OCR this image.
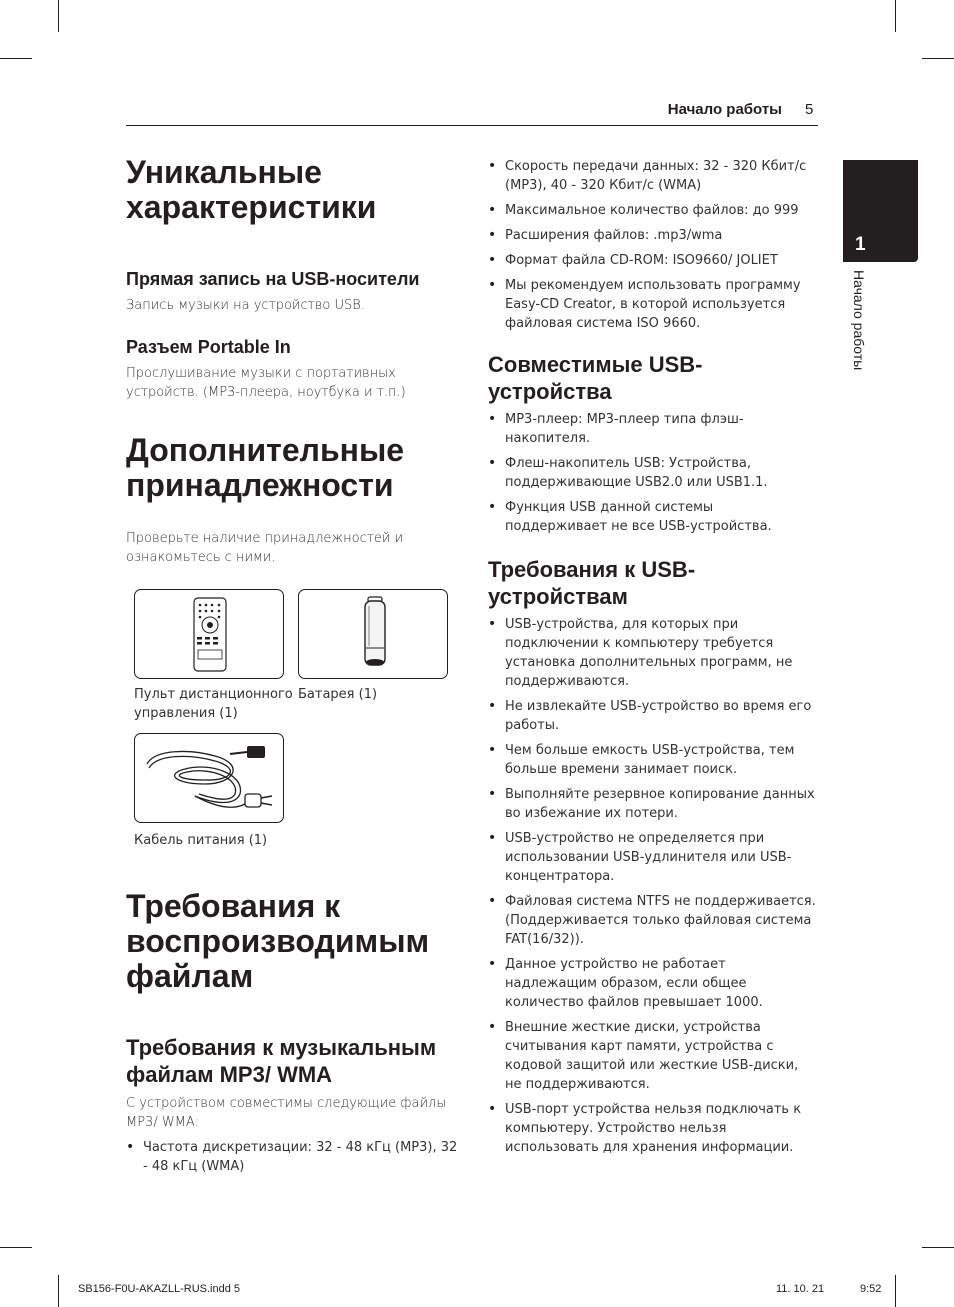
Начало работы 5
1
Начало работы
Уникальные характеристики
Прямая запись на USB-носители

Запись музыки на устройство USB.

Разъем Portable In

Прослушивание музыки с портативных устройств. (MP3-плеера, ноутбука и т.п.)

Дополнительные принадлежности

Проверьте наличие принадлежностей и ознакомьтесь с ними.

Пульт дистанционного управления (1)
Батарея (1)
Кабель питания (1)
Требования к воспроизводимым файлам
Требования к музыкальным файлам MP3/ WMA

С устройством совместимы следующие файлы MP3/ WMA:

• Частота дискретизации: 32 - 48 кГц (MP3), 32 - 48 кГц (WMA)
• Скорость передачи данных: 32 - 320 Кбит/с (MP3), 40 - 320 Кбит/с (WMA)
• Максимальное количество файлов: до 999
• Расширения файлов: .mp3/wma
• Формат файла CD-ROM: ISO9660/ JOLIET
• Мы рекомендуем использовать программу Easy-CD Creator, в которой используется файловая система ISO 9660.
Совместимые USB-устройства
• MP3-плеер: MP3-плеер типа флэш-накопителя.
• Флеш-накопитель USB: Устройства, поддерживающие USB2.0 или USB1.1.
• Функция USB данной системы поддерживает не все USB-устройства.
Требования к USB-устройствам
• USB-устройства, для которых при подключении к компьютеру требуется установка дополнительных программ, не поддерживаются.
• Не извлекайте USB-устройство во время его работы.
• Чем больше емкость USB-устройства, тем больше времени занимает поиск.
• Выполняйте резервное копирование данных во избежание их потери.
• USB-устройство не определяется при использовании USB-удлинителя или USB-концентратора.
• Файловая система NTFS не поддерживается. (Поддерживается только файловая система FAT(16/32)).
• Данное устройство не работает надлежащим образом, если общее количество файлов превышает 1000.
• Внешние жесткие диски, устройства считывания карт памяти, устройства с кодовой защитой или жесткие USB-диски, не поддерживаются.
• USB-порт устройства нельзя подключать к компьютеру. Устройство нельзя использовать для хранения информации.
SB156-F0U-AKAZLL-RUS.indd 5	11. 10. 21	9:52
